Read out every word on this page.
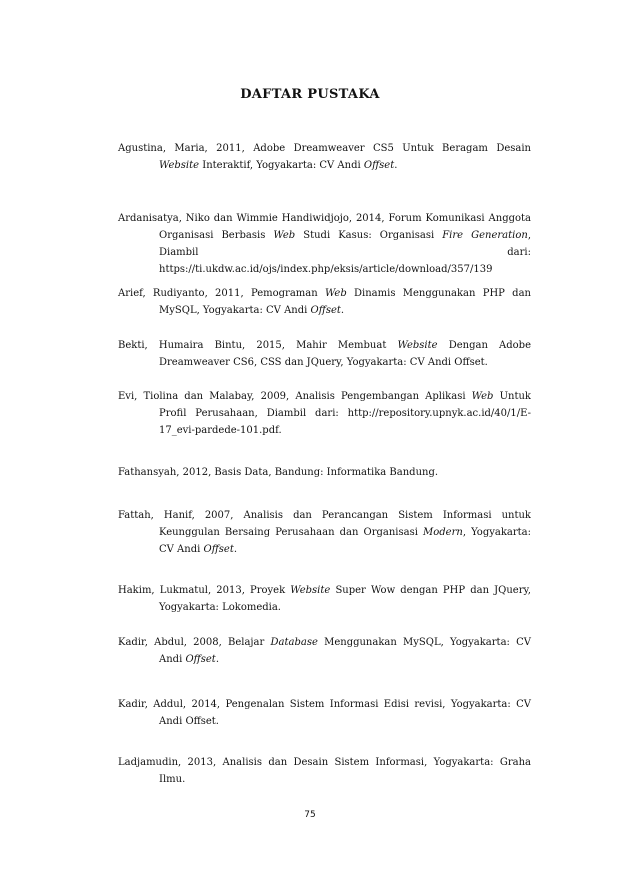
DAFTAR PUSTAKA
Agustina, Maria, 2011, Adobe Dreamweaver CS5 Untuk Beragam Desain Website Interaktif, Yogyakarta: CV Andi Offset.
Ardanisatya, Niko dan Wimmie Handiwidjojo, 2014, Forum Komunikasi Anggota Organisasi Berbasis Web Studi Kasus: Organisasi Fire Generation, Diambil dari: https://ti.ukdw.ac.id/ojs/index.php/eksis/article/download/357/139
Arief, Rudiyanto, 2011, Pemograman Web Dinamis Menggunakan PHP dan MySQL, Yogyakarta: CV Andi Offset.
Bekti, Humaira Bintu, 2015, Mahir Membuat Website Dengan Adobe Dreamweaver CS6, CSS dan JQuery, Yogyakarta: CV Andi Offset.
Evi, Tiolina dan Malabay, 2009, Analisis Pengembangan Aplikasi Web Untuk Profil Perusahaan, Diambil dari: http://repository.upnyk.ac.id/40/1/E-17_evi-pardede-101.pdf.
Fathansyah, 2012, Basis Data, Bandung: Informatika Bandung.
Fattah, Hanif, 2007, Analisis dan Perancangan Sistem Informasi untuk Keunggulan Bersaing Perusahaan dan Organisasi Modern, Yogyakarta: CV Andi Offset.
Hakim, Lukmatul, 2013, Proyek Website Super Wow dengan PHP dan JQuery, Yogyakarta: Lokomedia.
Kadir, Abdul, 2008, Belajar Database Menggunakan MySQL, Yogyakarta: CV Andi Offset.
Kadir, Addul, 2014, Pengenalan Sistem Informasi Edisi revisi, Yogyakarta: CV Andi Offset.
Ladjamudin, 2013, Analisis dan Desain Sistem Informasi, Yogyakarta: Graha Ilmu.
75
